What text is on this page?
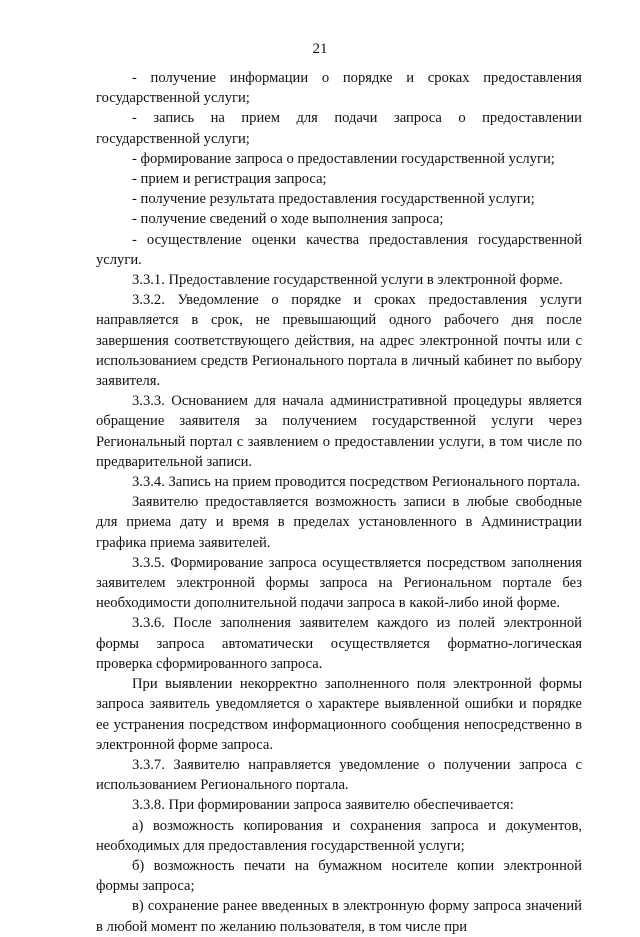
21

- получение информации о порядке и сроках предоставления государственной услуги;

- запись на прием для подачи запроса о предоставлении государственной услуги;

- формирование запроса о предоставлении государственной услуги;

- прием и регистрация запроса;

- получение результата предоставления государственной услуги;

- получение сведений о ходе выполнения запроса;

- осуществление оценки качества предоставления государственной услуги.

3.3.1. Предоставление государственной услуги в электронной форме.

3.3.2. Уведомление о порядке и сроках предоставления услуги направляется в срок, не превышающий одного рабочего дня после завершения соответствующего действия, на адрес электронной почты или с использованием средств Регионального портала в личный кабинет по выбору заявителя.

3.3.3. Основанием для начала административной процедуры является обращение заявителя за получением государственной услуги через Региональный портал с заявлением о предоставлении услуги, в том числе по предварительной записи.

3.3.4. Запись на прием проводится посредством Регионального портала.

Заявителю предоставляется возможность записи в любые свободные для приема дату и время в пределах установленного в Администрации графика приема заявителей.

3.3.5. Формирование запроса осуществляется посредством заполнения заявителем электронной формы запроса на Региональном портале без необходимости дополнительной подачи запроса в какой-либо иной форме.

3.3.6. После заполнения заявителем каждого из полей электронной формы запроса автоматически осуществляется форматно-логическая проверка сформированного запроса.

При выявлении некорректно заполненного поля электронной формы запроса заявитель уведомляется о характере выявленной ошибки и порядке ее устранения посредством информационного сообщения непосредственно в электронной форме запроса.

3.3.7. Заявителю направляется уведомление о получении запроса с использованием Регионального портала.

3.3.8. При формировании запроса заявителю обеспечивается:

а) возможность копирования и сохранения запроса и документов, необходимых для предоставления государственной услуги;

б) возможность печати на бумажном носителе копии электронной формы запроса;

в) сохранение ранее введенных в электронную форму запроса значений в любой момент по желанию пользователя, в том числе при
